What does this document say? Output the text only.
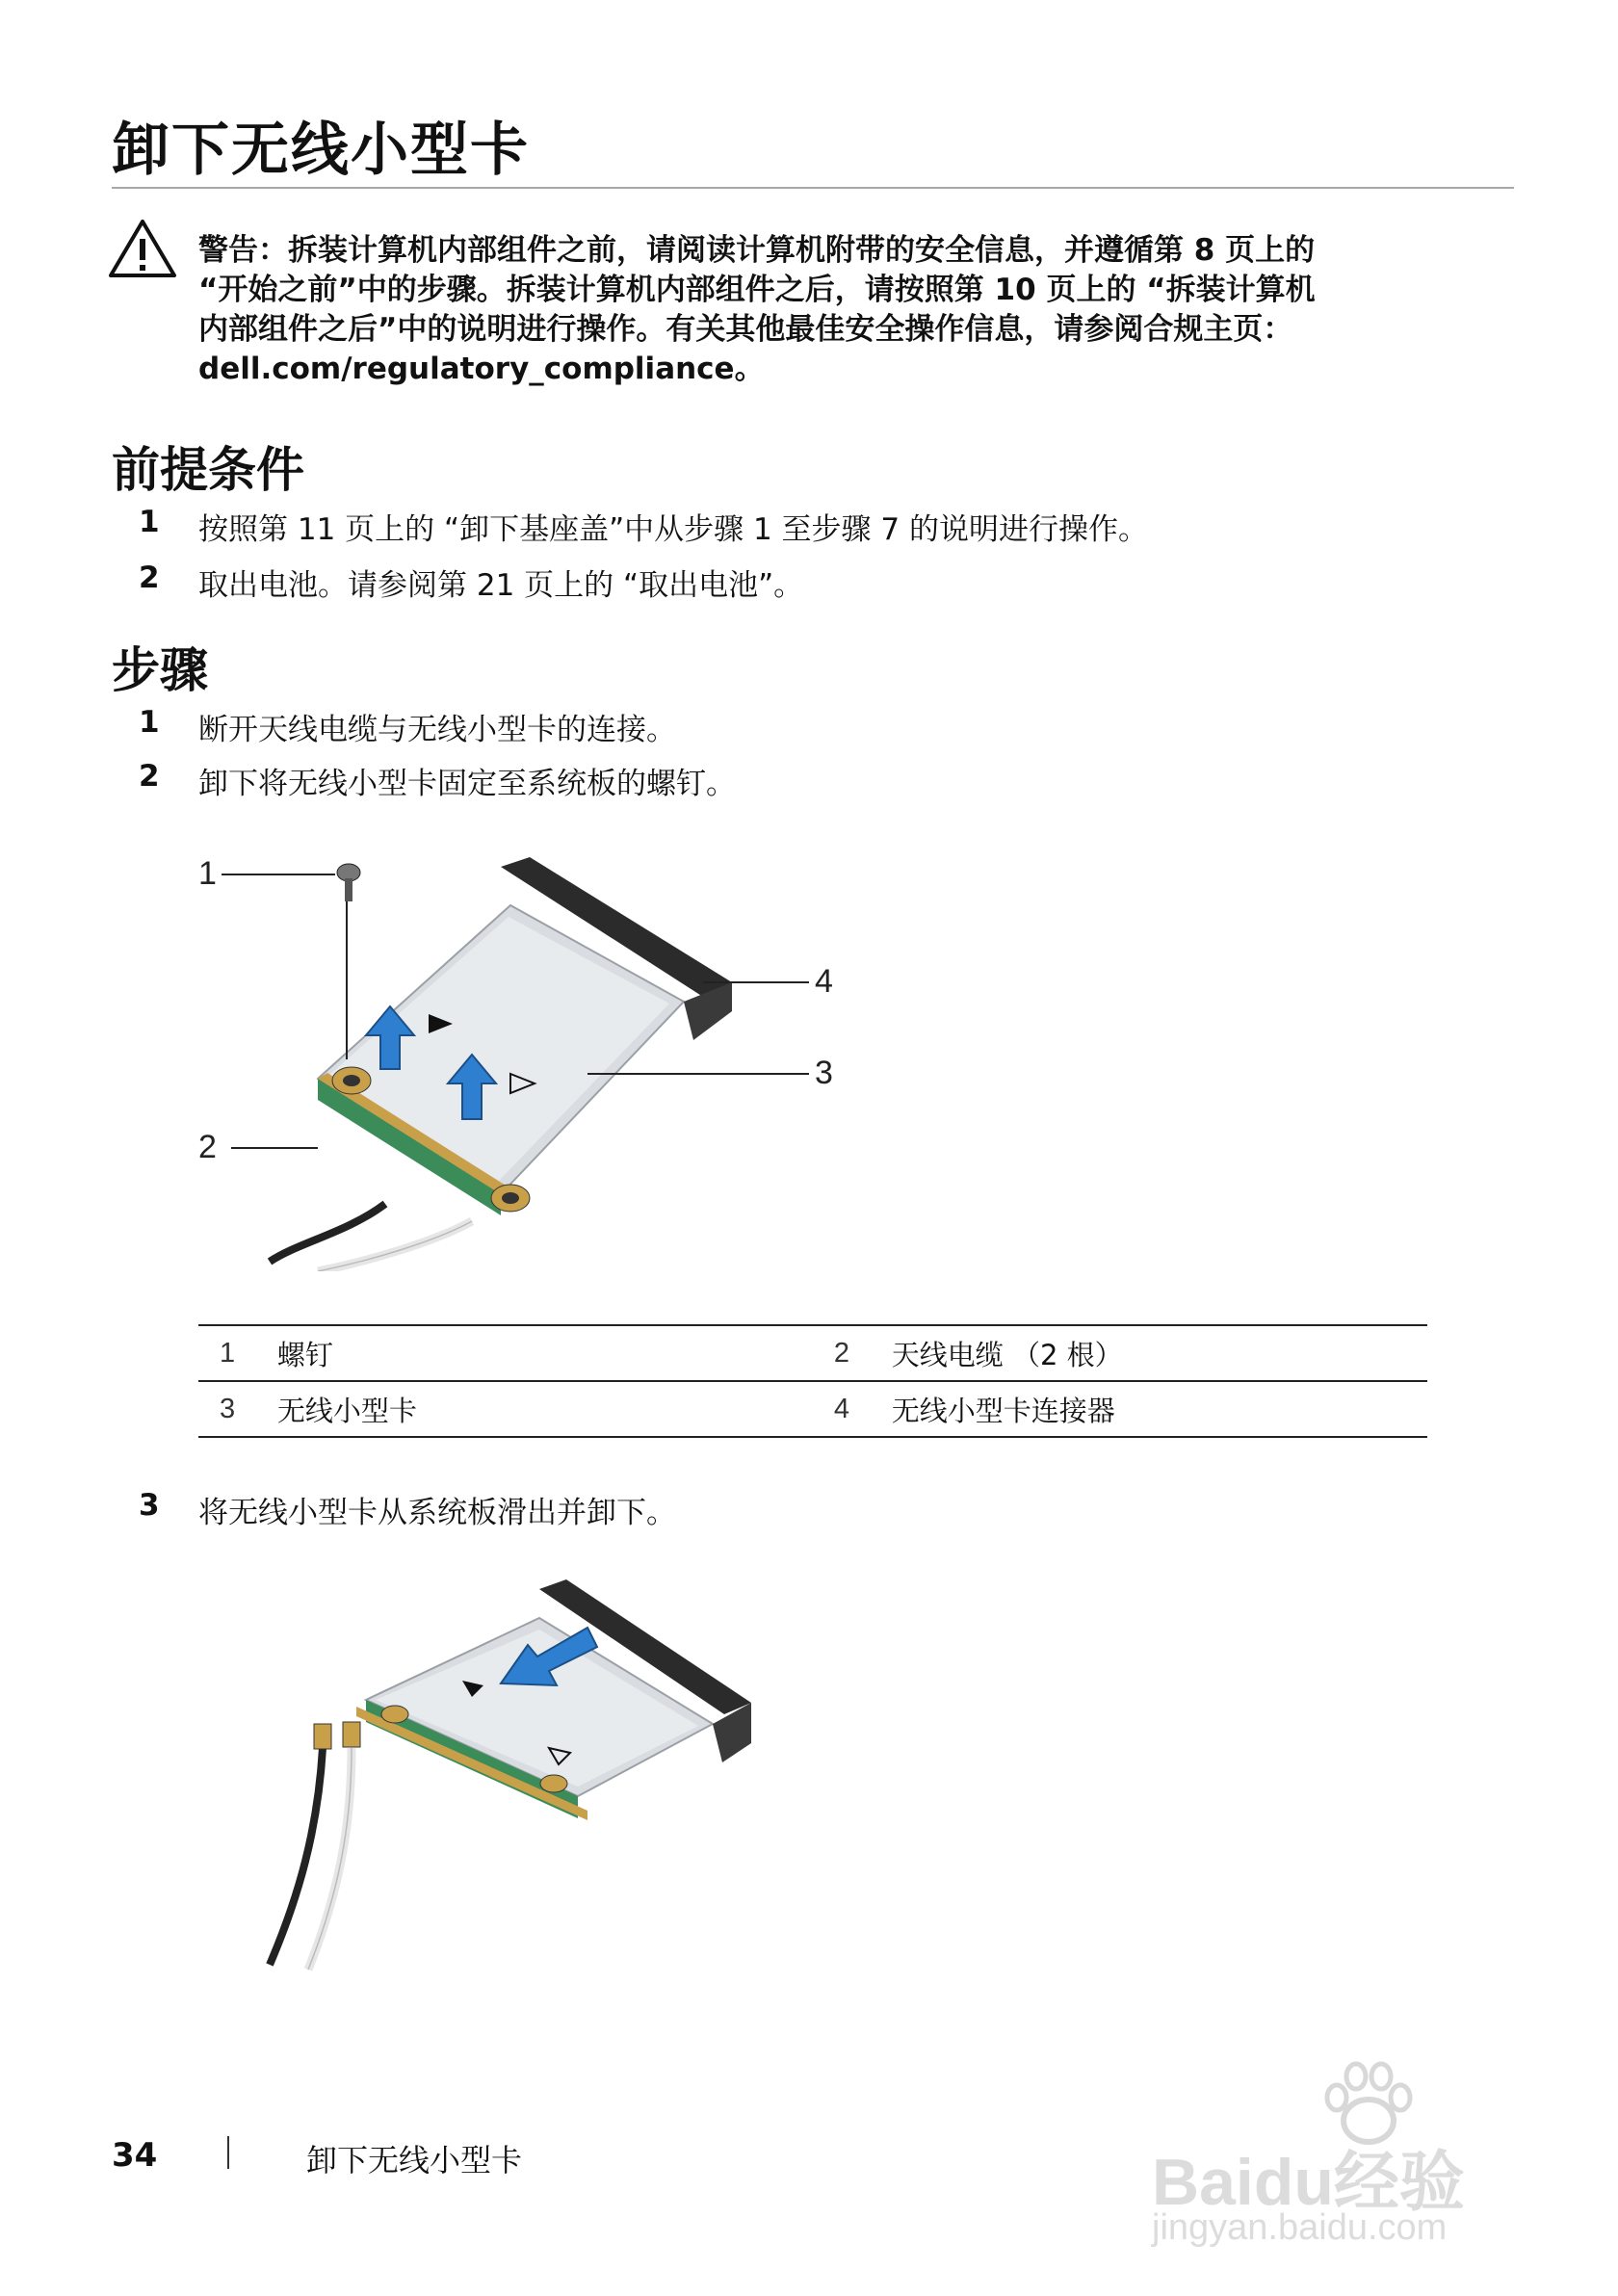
卸下无线小型卡
警告：拆装计算机内部组件之前，请阅读计算机附带的安全信息，并遵循第 8 页上的
“开始之前”中的步骤。拆装计算机内部组件之后，请按照第 10 页上的 “拆装计算机
内部组件之后”中的说明进行操作。有关其他最佳安全操作信息，请参阅合规主页：
dell.com/regulatory_compliance。
前提条件
1 按照第 11 页上的 “卸下基座盖”中从步骤 1 至步骤 7 的说明进行操作。
2 取出电池。请参阅第 21 页上的 “取出电池”。
步骤
1 断开天线电缆与无线小型卡的连接。
2 卸下将无线小型卡固定至系统板的螺钉。
1
2
3
4
1	螺钉	2	天线电缆 （2 根）
3	无线小型卡	4	无线小型卡连接器
3 将无线小型卡从系统板滑出并卸下。
Baidu经验
jingyan.baidu.com
34	卸下无线小型卡
